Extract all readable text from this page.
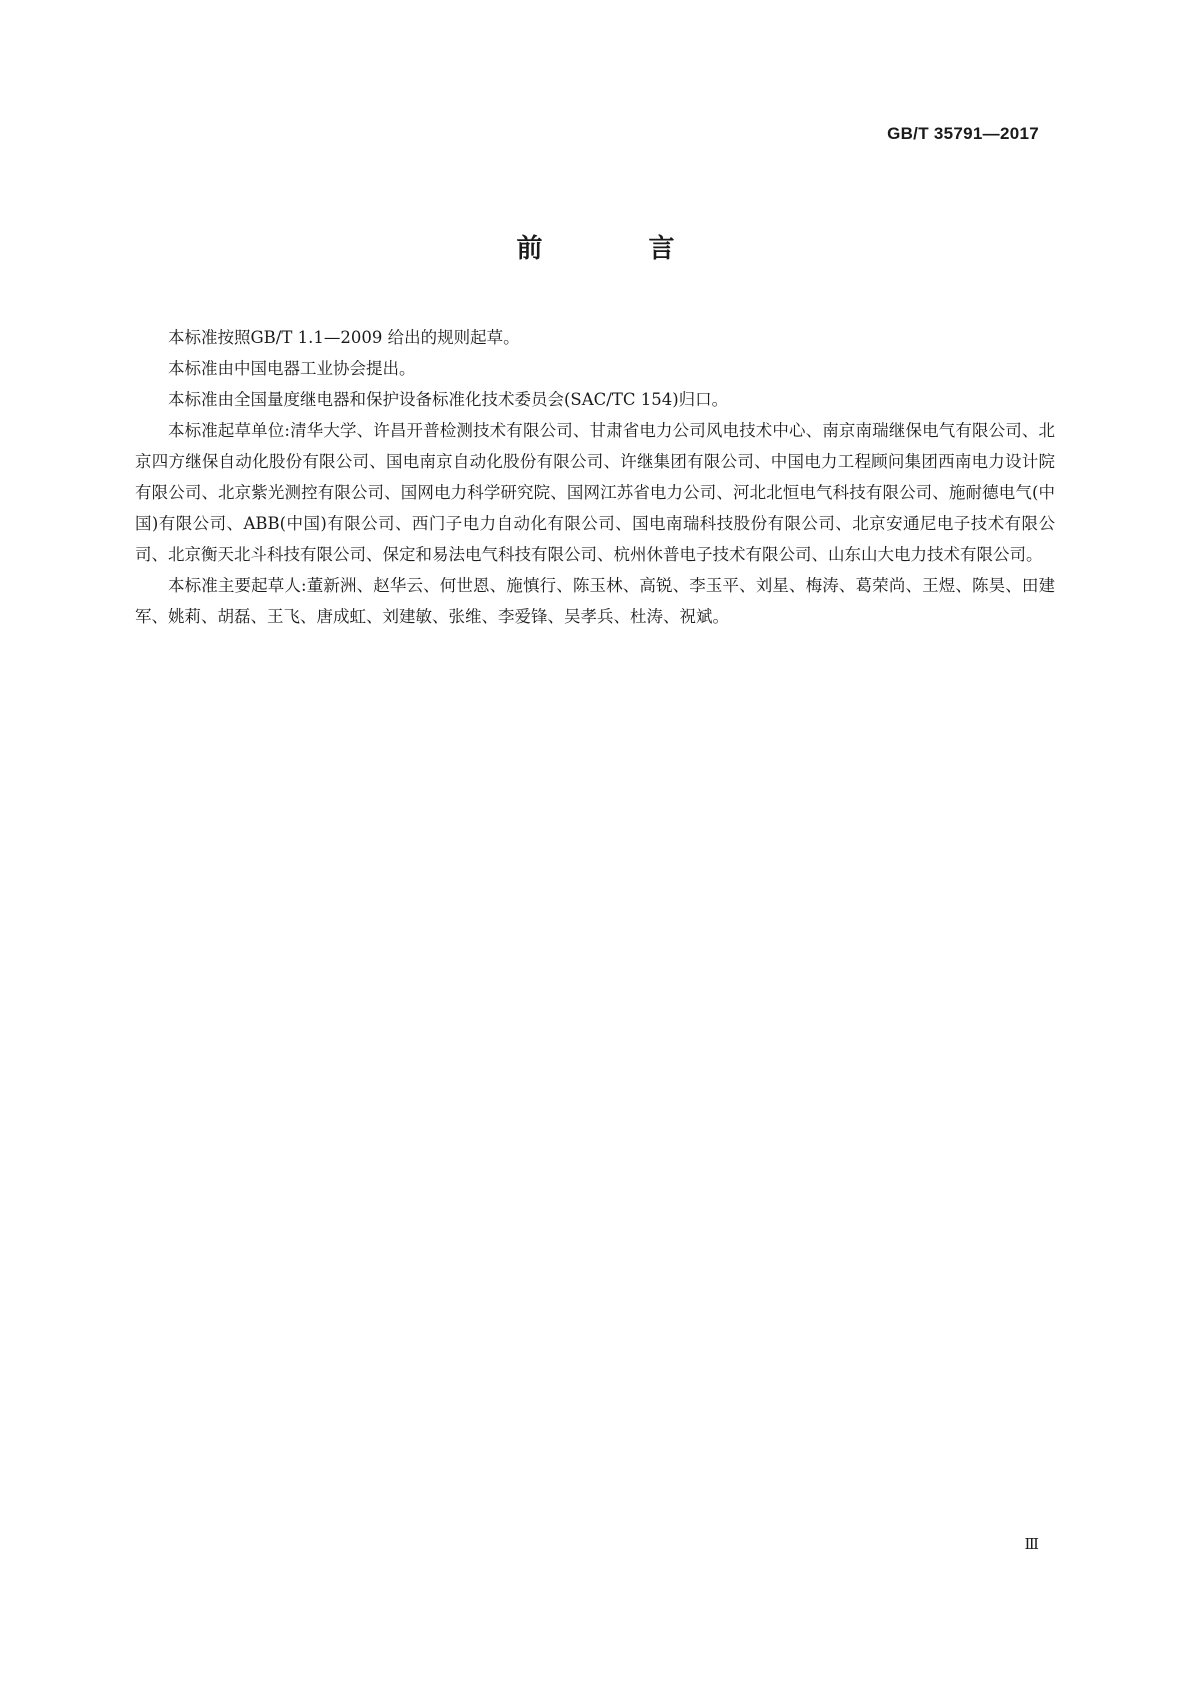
GB/T 35791—2017
前　言

本标准按照GB/T 1.1—2009 给出的规则起草。

本标准由中国电器工业协会提出。

本标准由全国量度继电器和保护设备标准化技术委员会(SAC/TC 154)归口。

本标准起草单位:清华大学、许昌开普检测技术有限公司、甘肃省电力公司风电技术中心、南京南瑞继保电气有限公司、北京四方继保自动化股份有限公司、国电南京自动化股份有限公司、许继集团有限公司、中国电力工程顾问集团西南电力设计院有限公司、北京紫光测控有限公司、国网电力科学研究院、国网江苏省电力公司、河北北恒电气科技有限公司、施耐德电气(中国)有限公司、ABB(中国)有限公司、西门子电力自动化有限公司、国电南瑞科技股份有限公司、北京安通尼电子技术有限公司、北京衡天北斗科技有限公司、保定和易法电气科技有限公司、杭州休普电子技术有限公司、山东山大电力技术有限公司。

本标准主要起草人:董新洲、赵华云、何世恩、施慎行、陈玉林、高锐、李玉平、刘星、梅涛、葛荣尚、王煜、陈昊、田建军、姚莉、胡磊、王飞、唐成虹、刘建敏、张维、李爱锋、吴孝兵、杜涛、祝斌。

Ⅲ
